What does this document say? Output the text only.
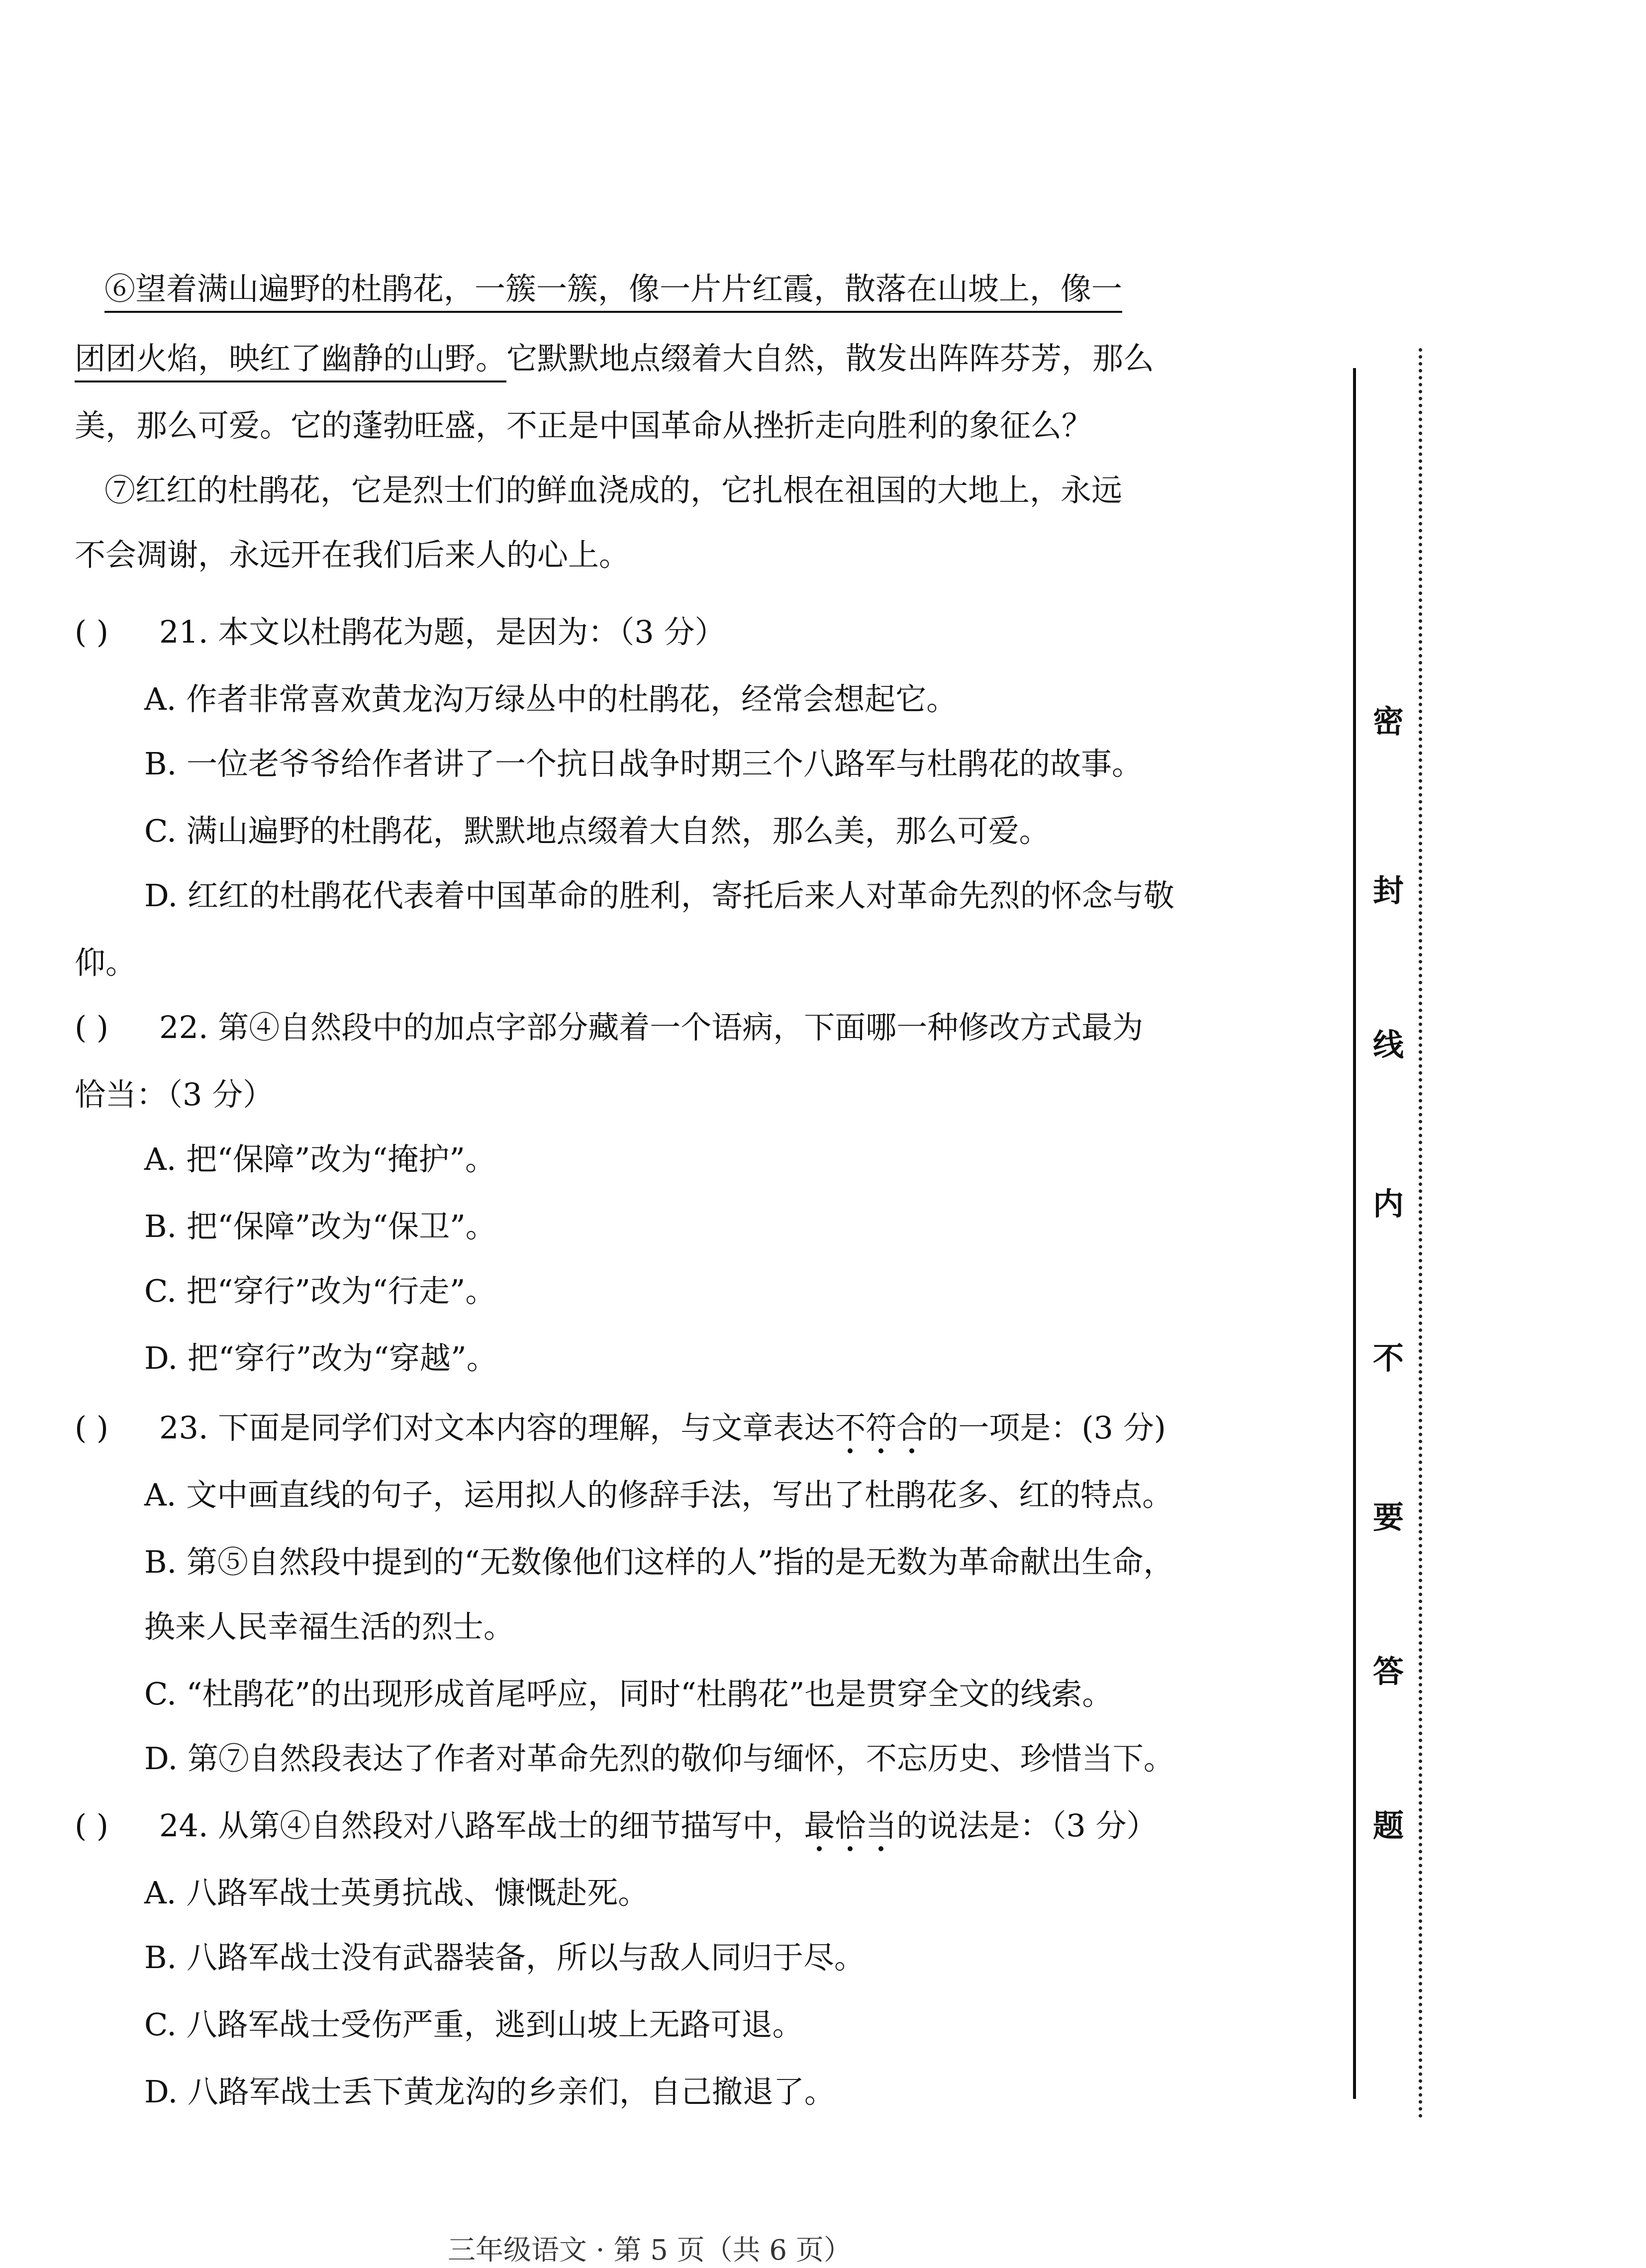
⑥望着满山遍野的杜鹃花，一簇一簇，像一片片红霞，散落在山坡上，像一
团团火焰，映红了幽静的山野。它默默地点缀着大自然，散发出阵阵芬芳，那么
美，那么可爱。它的蓬勃旺盛，不正是中国革命从挫折走向胜利的象征么？
⑦红红的杜鹃花，它是烈士们的鲜血浇成的，它扎根在祖国的大地上，永远
不会凋谢，永远开在我们后来人的心上。
( ) 21. 本文以杜鹃花为题，是因为：（3 分）
A. 作者非常喜欢黄龙沟万绿丛中的杜鹃花，经常会想起它。
B. 一位老爷爷给作者讲了一个抗日战争时期三个八路军与杜鹃花的故事。
C. 满山遍野的杜鹃花，默默地点缀着大自然，那么美，那么可爱。
D. 红红的杜鹃花代表着中国革命的胜利，寄托后来人对革命先烈的怀念与敬
仰。
( ) 22. 第④自然段中的加点字部分藏着一个语病，下面哪一种修改方式最为
恰当：（3 分）
A. 把“保障”改为“掩护”。
B. 把“保障”改为“保卫”。
C. 把“穿行”改为“行走”。
D. 把“穿行”改为“穿越”。
( ) 23. 下面是同学们对文本内容的理解，与文章表达不符合的一项是：(3 分)
A. 文中画直线的句子，运用拟人的修辞手法，写出了杜鹃花多、红的特点。
B. 第⑤自然段中提到的“无数像他们这样的人”指的是无数为革命献出生命，
换来人民幸福生活的烈士。
C. “杜鹃花”的出现形成首尾呼应，同时“杜鹃花”也是贯穿全文的线索。
D. 第⑦自然段表达了作者对革命先烈的敬仰与缅怀，不忘历史、珍惜当下。
( ) 24. 从第④自然段对八路军战士的细节描写中，最恰当的说法是：（3 分）
A. 八路军战士英勇抗战、慷慨赴死。
B. 八路军战士没有武器装备，所以与敌人同归于尽。
C. 八路军战士受伤严重，逃到山坡上无路可退。
D. 八路军战士丢下黄龙沟的乡亲们，自己撤退了。
密
封
线
内
不
要
答
题
三年级语文 · 第 5 页（共 6 页）
